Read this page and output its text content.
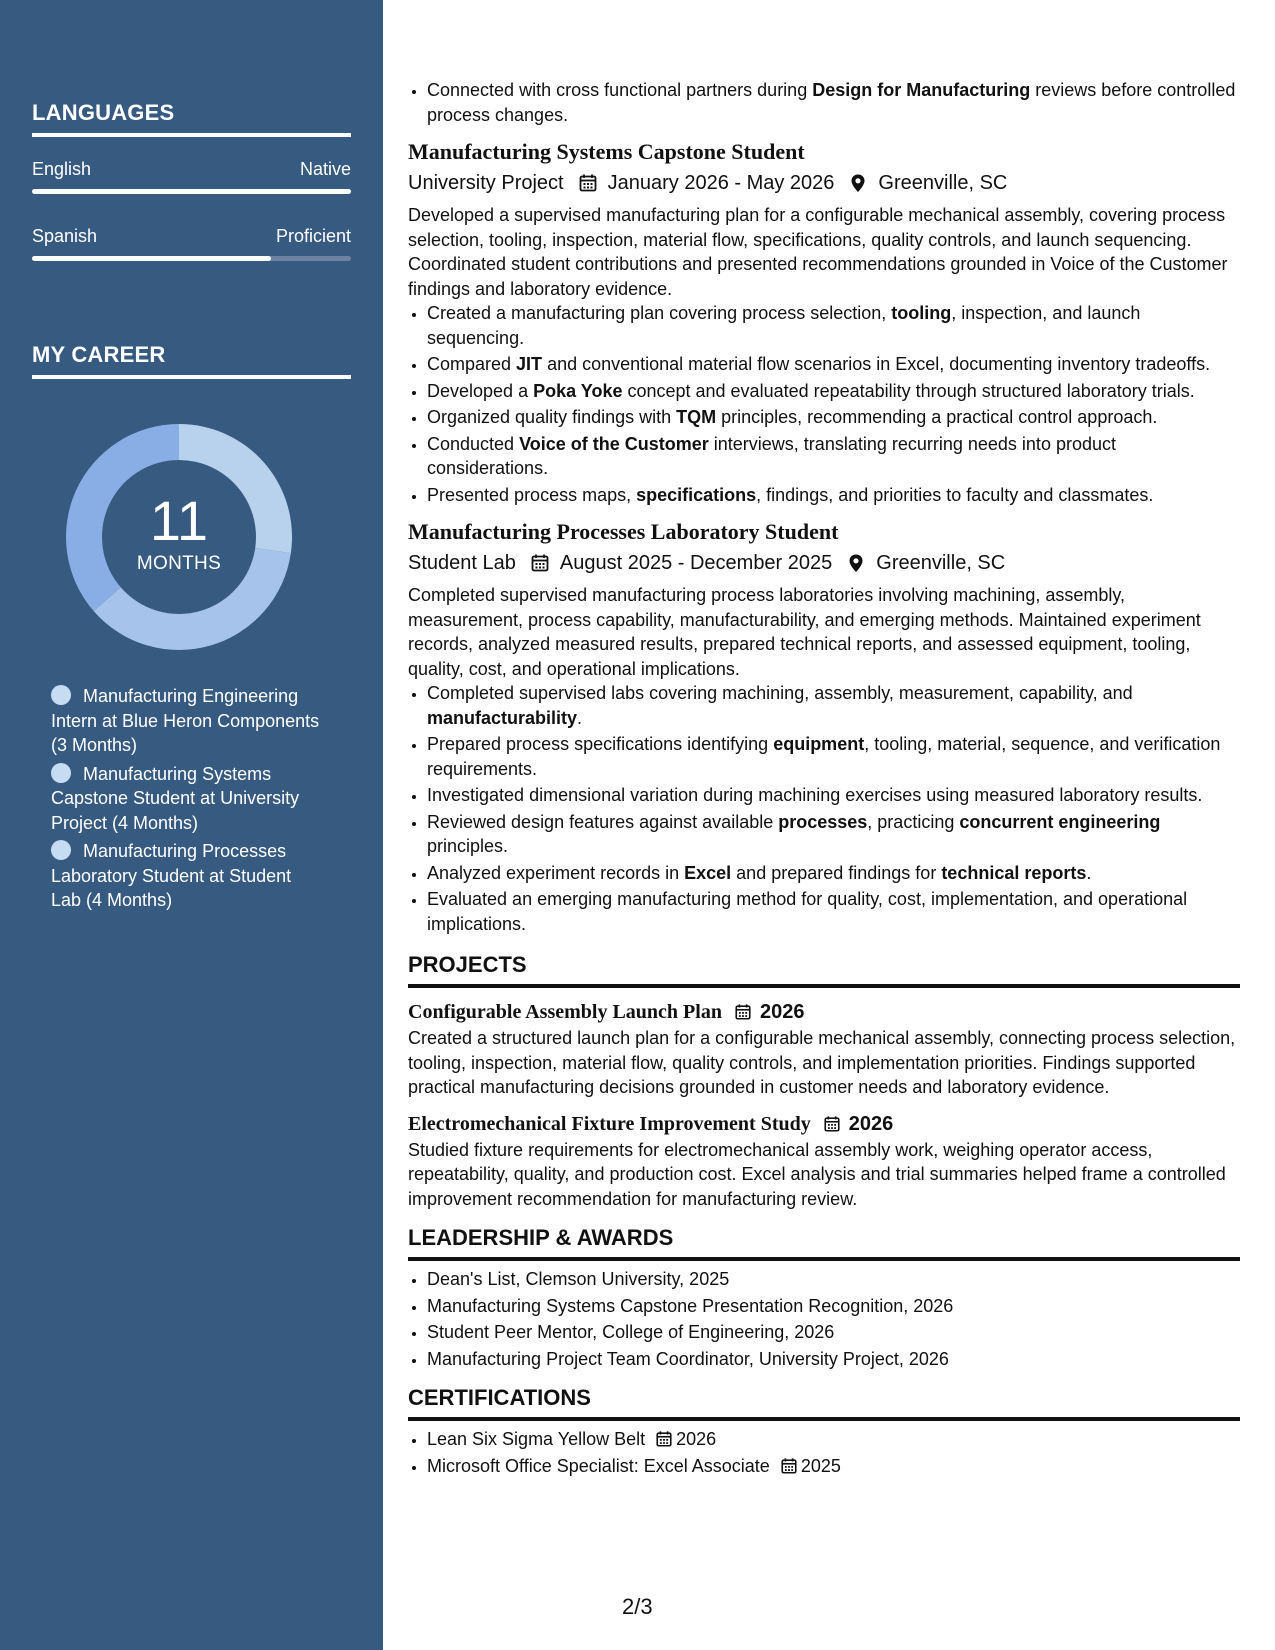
LANGUAGES
English	Native
Spanish	Proficient
MY CAREER
11
MONTHS
Manufacturing Engineering Intern at Blue Heron Components (3 Months)
Manufacturing Systems Capstone Student at University Project (4 Months)
Manufacturing Processes Laboratory Student at Student Lab (4 Months)
• Connected with cross functional partners during Design for Manufacturing reviews before controlled process changes.
Manufacturing Systems Capstone Student
University Project January 2026 - May 2026 Greenville, SC
Developed a supervised manufacturing plan for a configurable mechanical assembly, covering process selection, tooling, inspection, material flow, specifications, quality controls, and launch sequencing. Coordinated student contributions and presented recommendations grounded in Voice of the Customer findings and laboratory evidence.
• Created a manufacturing plan covering process selection, tooling, inspection, and launch sequencing.
• Compared JIT and conventional material flow scenarios in Excel, documenting inventory tradeoffs.
• Developed a Poka Yoke concept and evaluated repeatability through structured laboratory trials.
• Organized quality findings with TQM principles, recommending a practical control approach.
• Conducted Voice of the Customer interviews, translating recurring needs into product considerations.
• Presented process maps, specifications, findings, and priorities to faculty and classmates.
Manufacturing Processes Laboratory Student
Student Lab August 2025 - December 2025 Greenville, SC
Completed supervised manufacturing process laboratories involving machining, assembly, measurement, process capability, manufacturability, and emerging methods. Maintained experiment records, analyzed measured results, prepared technical reports, and assessed equipment, tooling, quality, cost, and operational implications.
• Completed supervised labs covering machining, assembly, measurement, capability, and manufacturability.
• Prepared process specifications identifying equipment, tooling, material, sequence, and verification requirements.
• Investigated dimensional variation during machining exercises using measured laboratory results.
• Reviewed design features against available processes, practicing concurrent engineering principles.
• Analyzed experiment records in Excel and prepared findings for technical reports.
• Evaluated an emerging manufacturing method for quality, cost, implementation, and operational implications.
PROJECTS
Configurable Assembly Launch Plan 2026
Created a structured launch plan for a configurable mechanical assembly, connecting process selection, tooling, inspection, material flow, quality controls, and implementation priorities. Findings supported practical manufacturing decisions grounded in customer needs and laboratory evidence.
Electromechanical Fixture Improvement Study 2026
Studied fixture requirements for electromechanical assembly work, weighing operator access, repeatability, quality, and production cost. Excel analysis and trial summaries helped frame a controlled improvement recommendation for manufacturing review.
LEADERSHIP & AWARDS
• Dean's List, Clemson University, 2025
• Manufacturing Systems Capstone Presentation Recognition, 2026
• Student Peer Mentor, College of Engineering, 2026
• Manufacturing Project Team Coordinator, University Project, 2026
CERTIFICATIONS
• Lean Six Sigma Yellow Belt 2026
• Microsoft Office Specialist: Excel Associate 2025
2/3
